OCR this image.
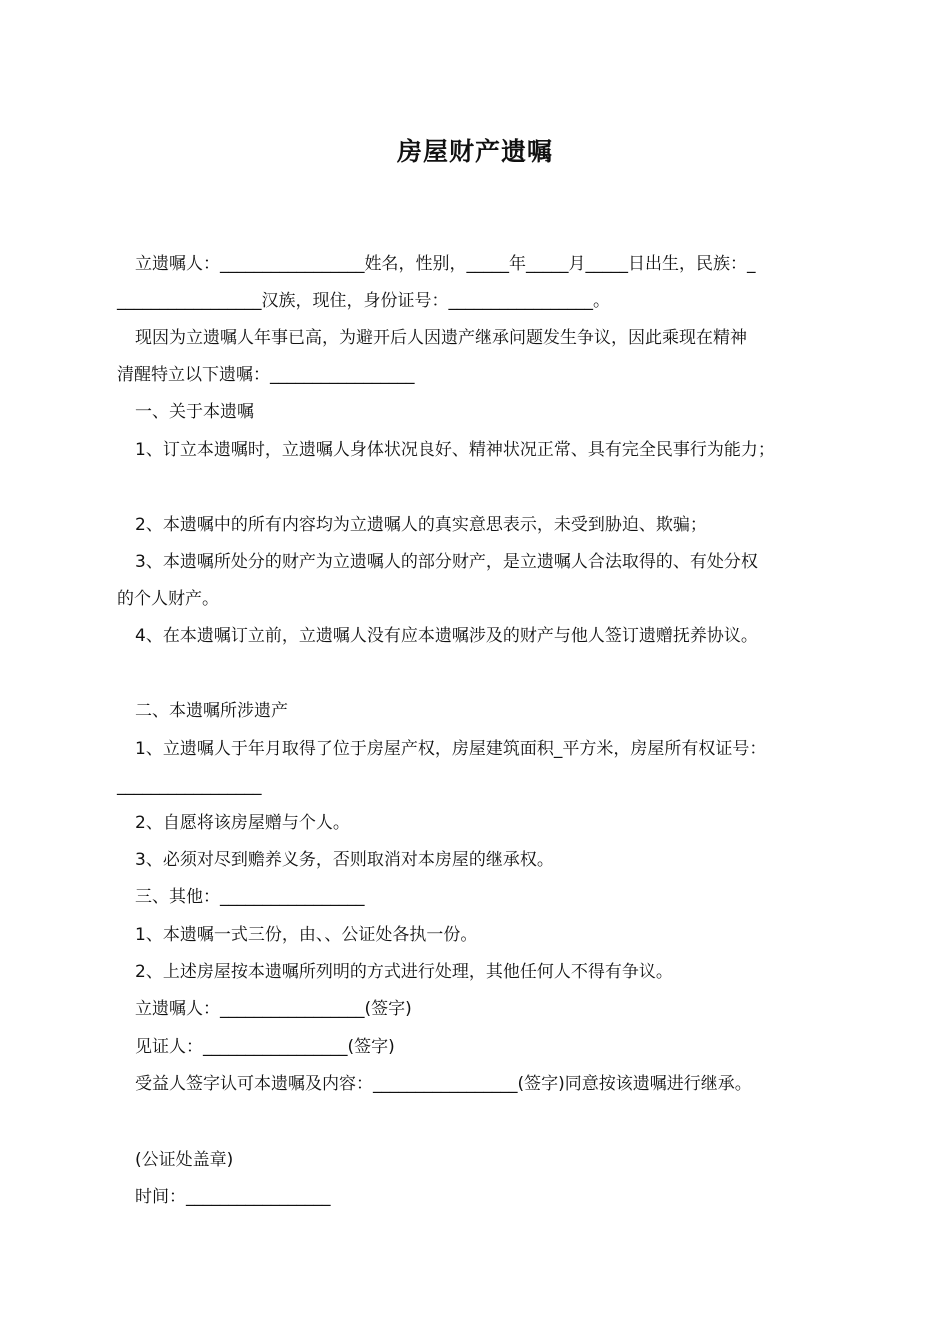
房屋财产遗嘱
立遗嘱人：_________________姓名，性别，_____年_____月_____日出生，民族：_
_________________汉族，现住，身份证号：_________________。
现因为立遗嘱人年事已高，为避开后人因遗产继承问题发生争议，因此乘现在精神
清醒特立以下遗嘱：_________________
一、关于本遗嘱
1、订立本遗嘱时，立遗嘱人身体状况良好、精神状况正常、具有完全民事行为能力；
2、本遗嘱中的所有内容均为立遗嘱人的真实意思表示，未受到胁迫、欺骗；
3、本遗嘱所处分的财产为立遗嘱人的部分财产，是立遗嘱人合法取得的、有处分权
的个人财产。
4、在本遗嘱订立前，立遗嘱人没有应本遗嘱涉及的财产与他人签订遗赠抚养协议。
二、本遗嘱所涉遗产
1、立遗嘱人于年月取得了位于房屋产权，房屋建筑面积_平方米，房屋所有权证号：
_________________
2、自愿将该房屋赠与个人。
3、必须对尽到赡养义务，否则取消对本房屋的继承权。
三、其他：_________________
1、本遗嘱一式三份，由、、公证处各执一份。
2、上述房屋按本遗嘱所列明的方式进行处理，其他任何人不得有争议。
立遗嘱人：_________________(签字)
见证人：_________________(签字)
受益人签字认可本遗嘱及内容：_________________(签字)同意按该遗嘱进行继承。
(公证处盖章)
时间：_________________
